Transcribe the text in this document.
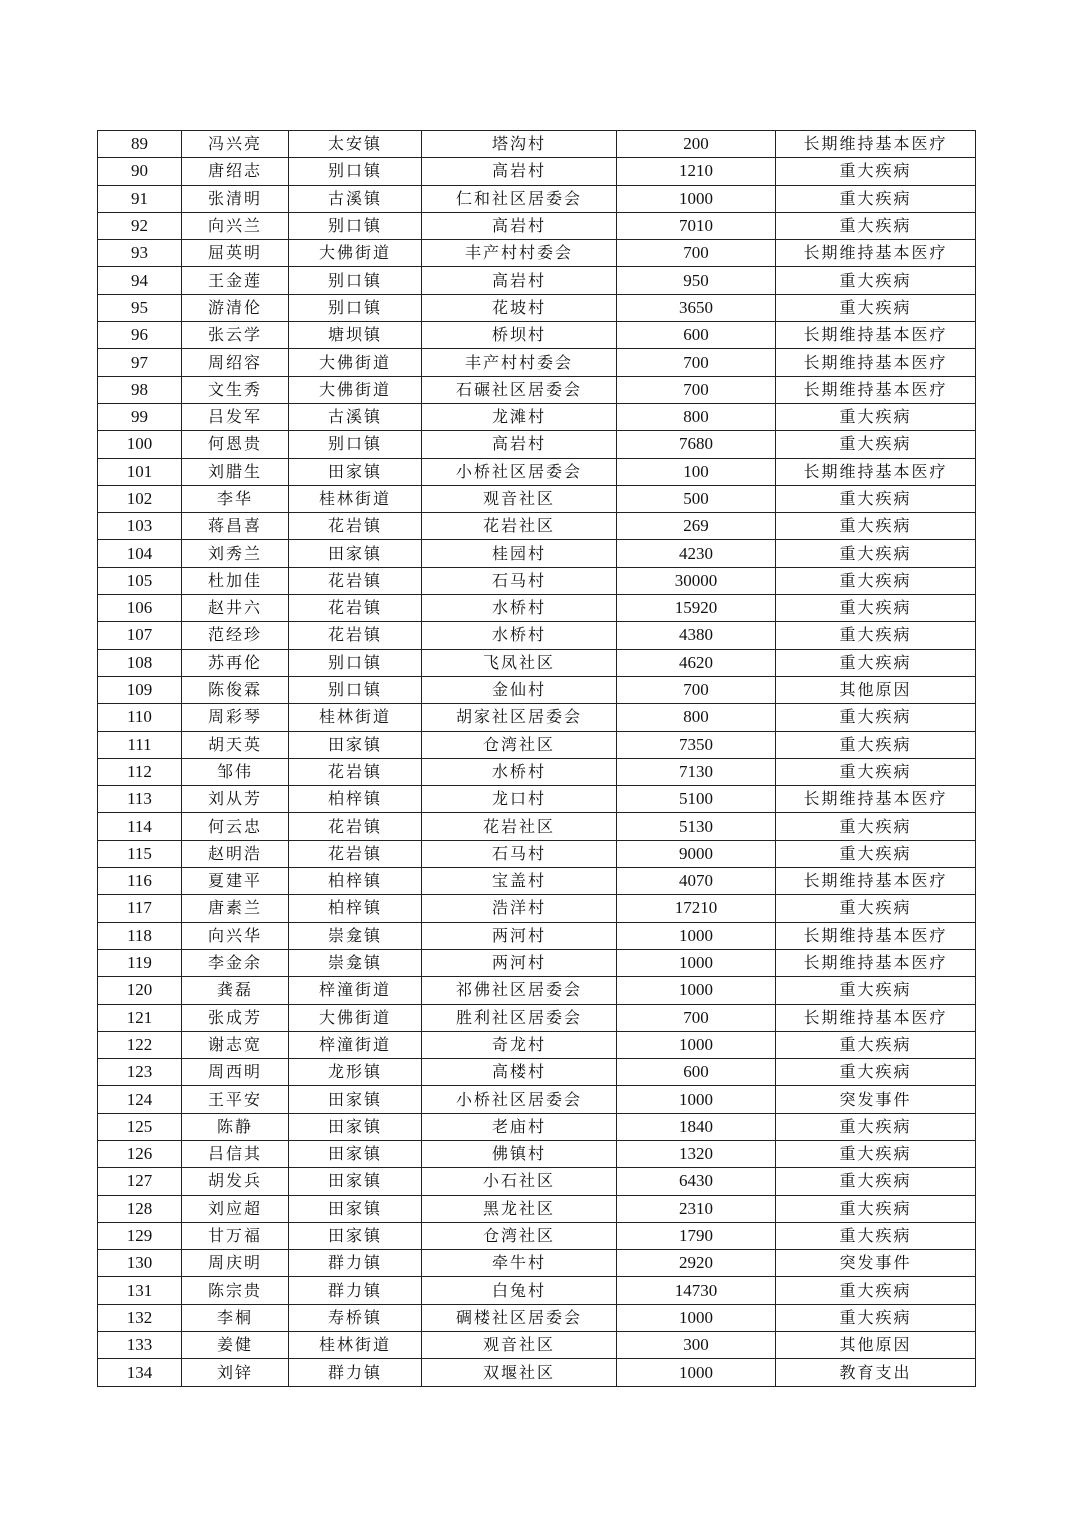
89	冯兴亮	太安镇	塔沟村	200	长期维持基本医疗
90	唐绍志	别口镇	高岩村	1210	重大疾病
91	张清明	古溪镇	仁和社区居委会	1000	重大疾病
92	向兴兰	别口镇	高岩村	7010	重大疾病
93	屈英明	大佛街道	丰产村村委会	700	长期维持基本医疗
94	王金莲	别口镇	高岩村	950	重大疾病
95	游清伦	别口镇	花坡村	3650	重大疾病
96	张云学	塘坝镇	桥坝村	600	长期维持基本医疗
97	周绍容	大佛街道	丰产村村委会	700	长期维持基本医疗
98	文生秀	大佛街道	石碾社区居委会	700	长期维持基本医疗
99	吕发军	古溪镇	龙滩村	800	重大疾病
100	何恩贵	别口镇	高岩村	7680	重大疾病
101	刘腊生	田家镇	小桥社区居委会	100	长期维持基本医疗
102	李华	桂林街道	观音社区	500	重大疾病
103	蒋昌喜	花岩镇	花岩社区	269	重大疾病
104	刘秀兰	田家镇	桂园村	4230	重大疾病
105	杜加佳	花岩镇	石马村	30000	重大疾病
106	赵井六	花岩镇	水桥村	15920	重大疾病
107	范经珍	花岩镇	水桥村	4380	重大疾病
108	苏再伦	别口镇	飞凤社区	4620	重大疾病
109	陈俊霖	别口镇	金仙村	700	其他原因
110	周彩琴	桂林街道	胡家社区居委会	800	重大疾病
111	胡天英	田家镇	仓湾社区	7350	重大疾病
112	邹伟	花岩镇	水桥村	7130	重大疾病
113	刘从芳	柏梓镇	龙口村	5100	长期维持基本医疗
114	何云忠	花岩镇	花岩社区	5130	重大疾病
115	赵明浩	花岩镇	石马村	9000	重大疾病
116	夏建平	柏梓镇	宝盖村	4070	长期维持基本医疗
117	唐素兰	柏梓镇	浩洋村	17210	重大疾病
118	向兴华	崇龛镇	两河村	1000	长期维持基本医疗
119	李金余	崇龛镇	两河村	1000	长期维持基本医疗
120	龚磊	梓潼街道	祁佛社区居委会	1000	重大疾病
121	张成芳	大佛街道	胜利社区居委会	700	长期维持基本医疗
122	谢志宽	梓潼街道	奇龙村	1000	重大疾病
123	周西明	龙形镇	高楼村	600	重大疾病
124	王平安	田家镇	小桥社区居委会	1000	突发事件
125	陈静	田家镇	老庙村	1840	重大疾病
126	吕信其	田家镇	佛镇村	1320	重大疾病
127	胡发兵	田家镇	小石社区	6430	重大疾病
128	刘应超	田家镇	黑龙社区	2310	重大疾病
129	甘万福	田家镇	仓湾社区	1790	重大疾病
130	周庆明	群力镇	牵牛村	2920	突发事件
131	陈宗贵	群力镇	白兔村	14730	重大疾病
132	李桐	寿桥镇	碉楼社区居委会	1000	重大疾病
133	姜健	桂林街道	观音社区	300	其他原因
134	刘锌	群力镇	双堰社区	1000	教育支出
